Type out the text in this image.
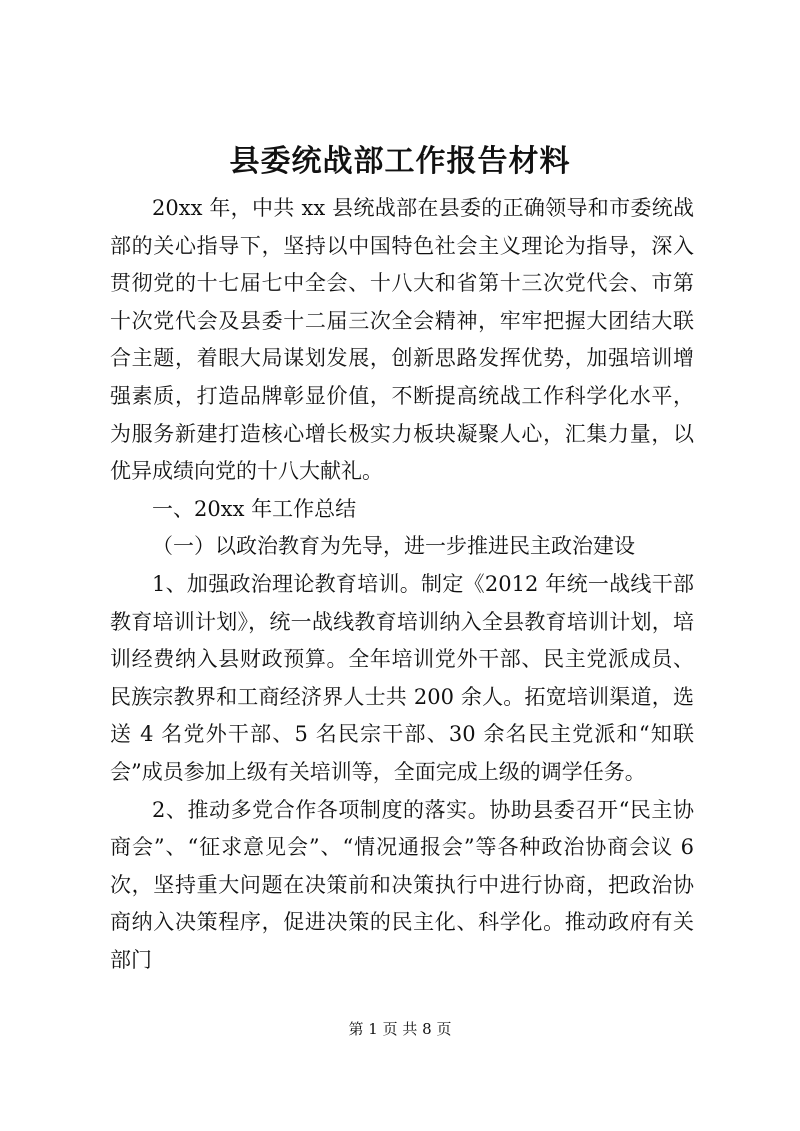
县委统战部工作报告材料

20xx 年，中共 xx 县统战部在县委的正确领导和市委统战部的关心指导下，坚持以中国特色社会主义理论为指导，深入贯彻党的十七届七中全会、十八大和省第十三次党代会、市第十次党代会及县委十二届三次全会精神，牢牢把握大团结大联合主题，着眼大局谋划发展，创新思路发挥优势，加强培训增强素质，打造品牌彰显价值，不断提高统战工作科学化水平，为服务新建打造核心增长极实力板块凝聚人心，汇集力量，以优异成绩向党的十八大献礼。

一、20xx 年工作总结

（一）以政治教育为先导，进一步推进民主政治建设

1、加强政治理论教育培训。制定《2012 年统一战线干部教育培训计划》，统一战线教育培训纳入全县教育培训计划，培训经费纳入县财政预算。全年培训党外干部、民主党派成员、民族宗教界和工商经济界人士共 200 余人。拓宽培训渠道，选送 4 名党外干部、5 名民宗干部、30 余名民主党派和“知联会”成员参加上级有关培训等，全面完成上级的调学任务。

2、推动多党合作各项制度的落实。协助县委召开“民主协商会”、“征求意见会”、“情况通报会”等各种政治协商会议 6次，坚持重大问题在决策前和决策执行中进行协商，把政治协商纳入决策程序，促进决策的民主化、科学化。推动政府有关部门

第 1 页 共 8 页
